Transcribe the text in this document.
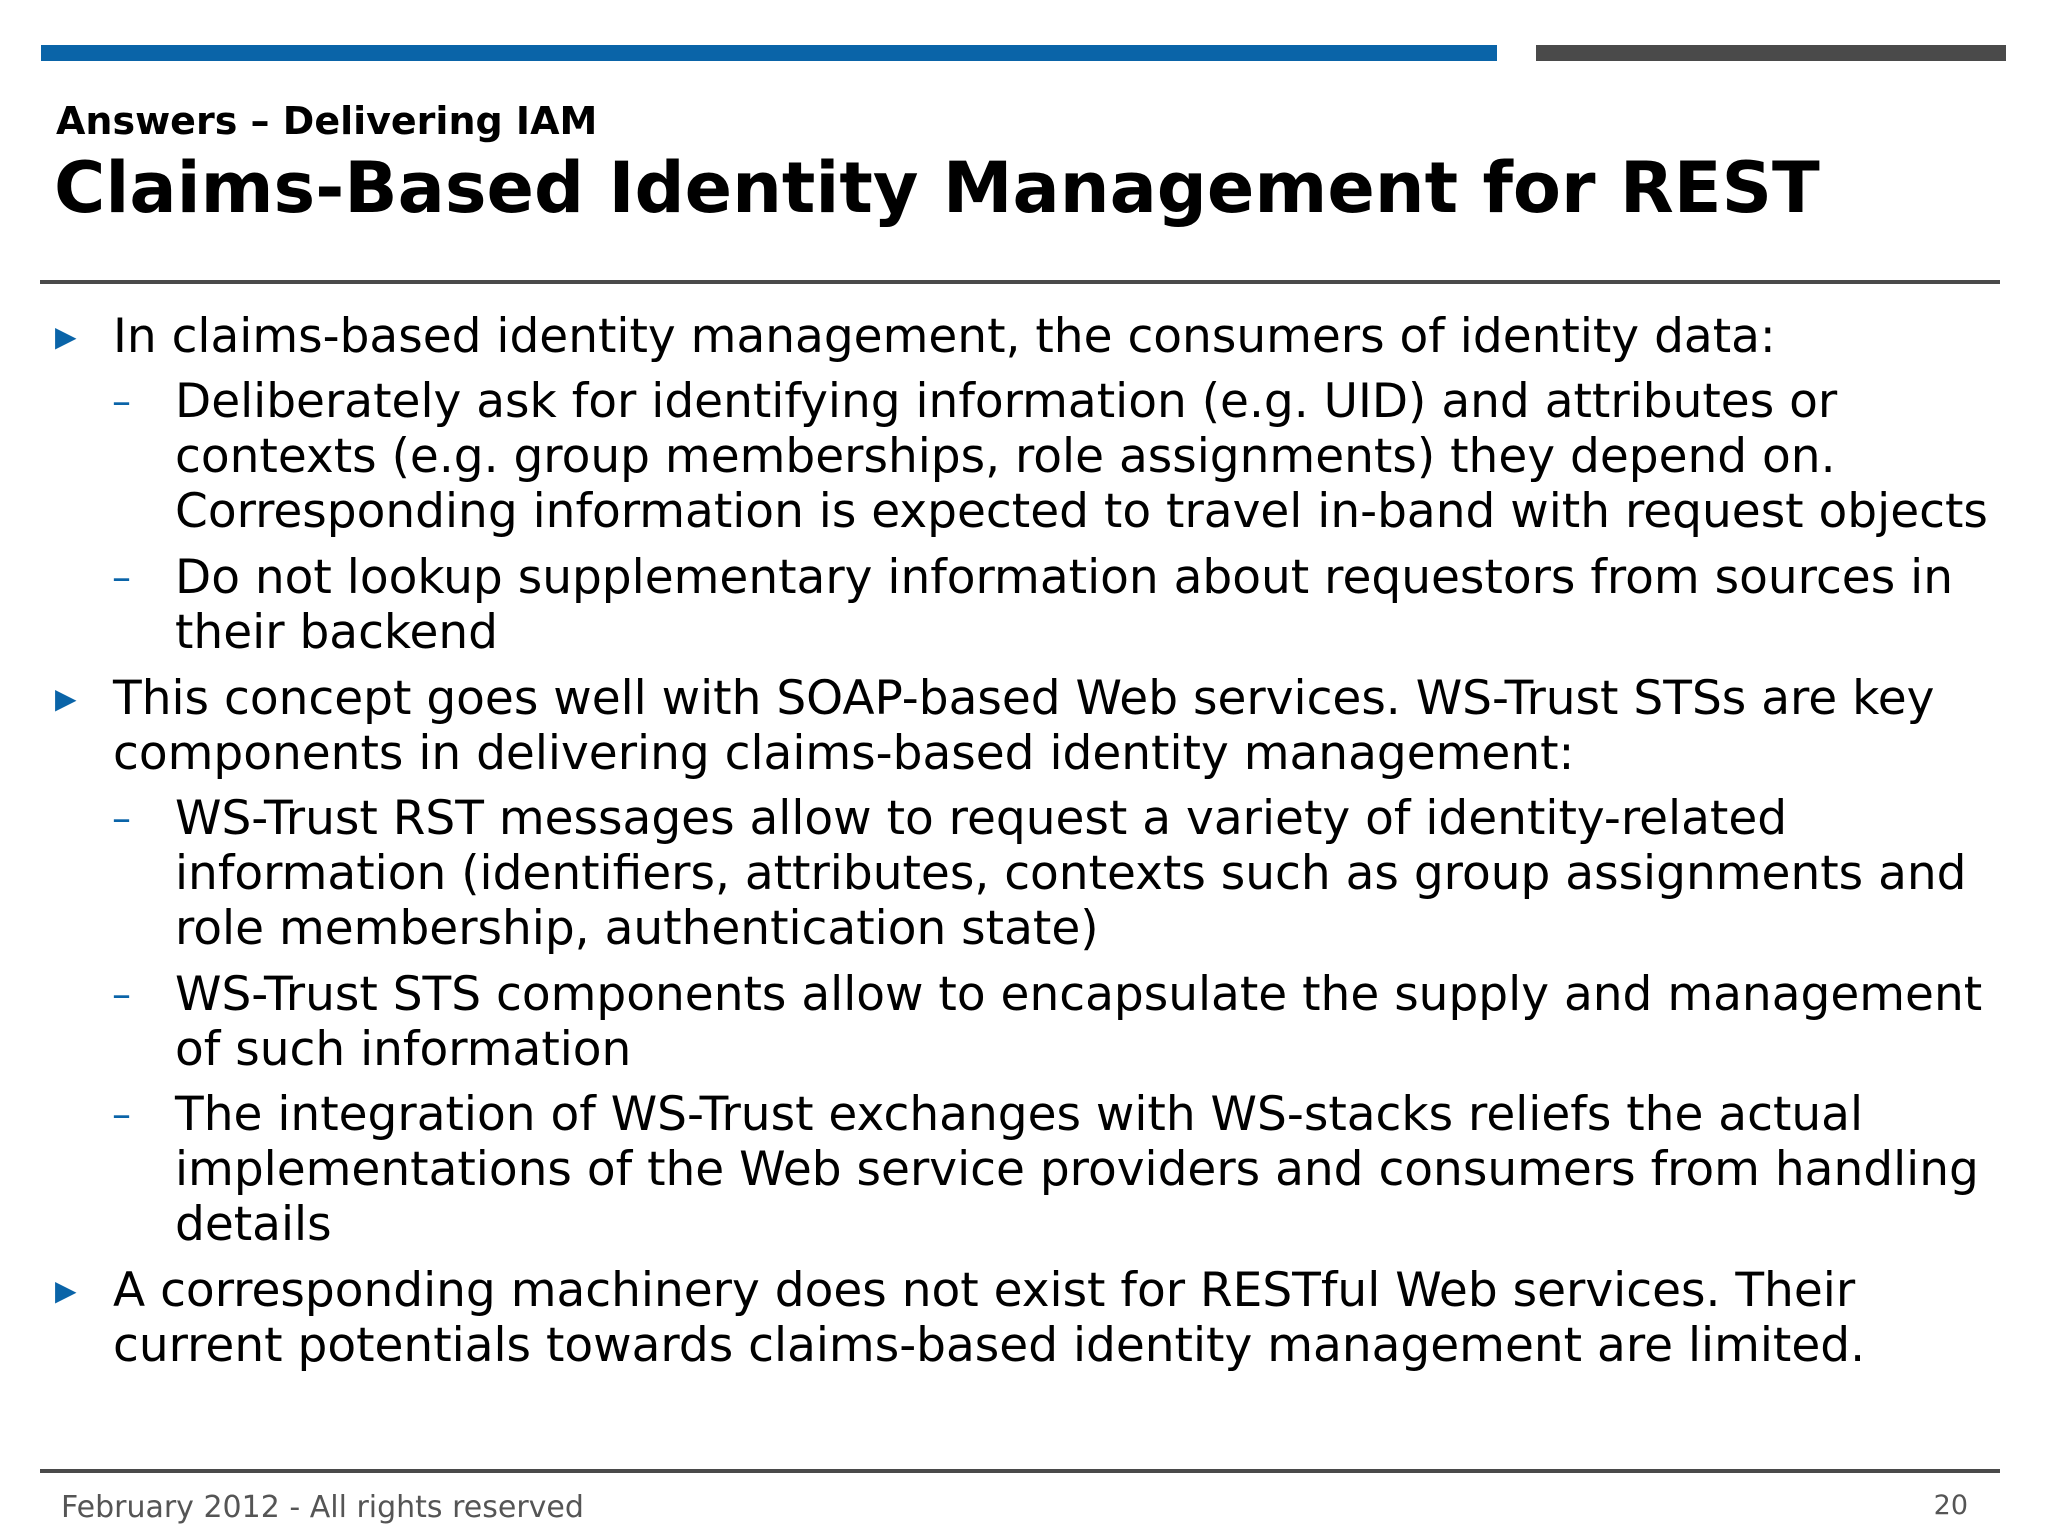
Answers – Delivering IAM
Claims-Based Identity Management for REST
▶ In claims-based identity management, the consumers of identity data:
– Deliberately ask for identifying information (e.g. UID) and attributes or
contexts (e.g. group memberships, role assignments) they depend on.
Corresponding information is expected to travel in-band with request objects
– Do not lookup supplementary information about requestors from sources in
their backend
▶ This concept goes well with SOAP-based Web services. WS-Trust STSs are key
components in delivering claims-based identity management:
– WS-Trust RST messages allow to request a variety of identity-related
information (identifiers, attributes, contexts such as group assignments and
role membership, authentication state)
– WS-Trust STS components allow to encapsulate the supply and management
of such information
– The integration of WS-Trust exchanges with WS-stacks reliefs the actual
implementations of the Web service providers and consumers from handling
details
▶ A corresponding machinery does not exist for RESTful Web services. Their
current potentials towards claims-based identity management are limited.
February 2012 - All rights reserved	20
